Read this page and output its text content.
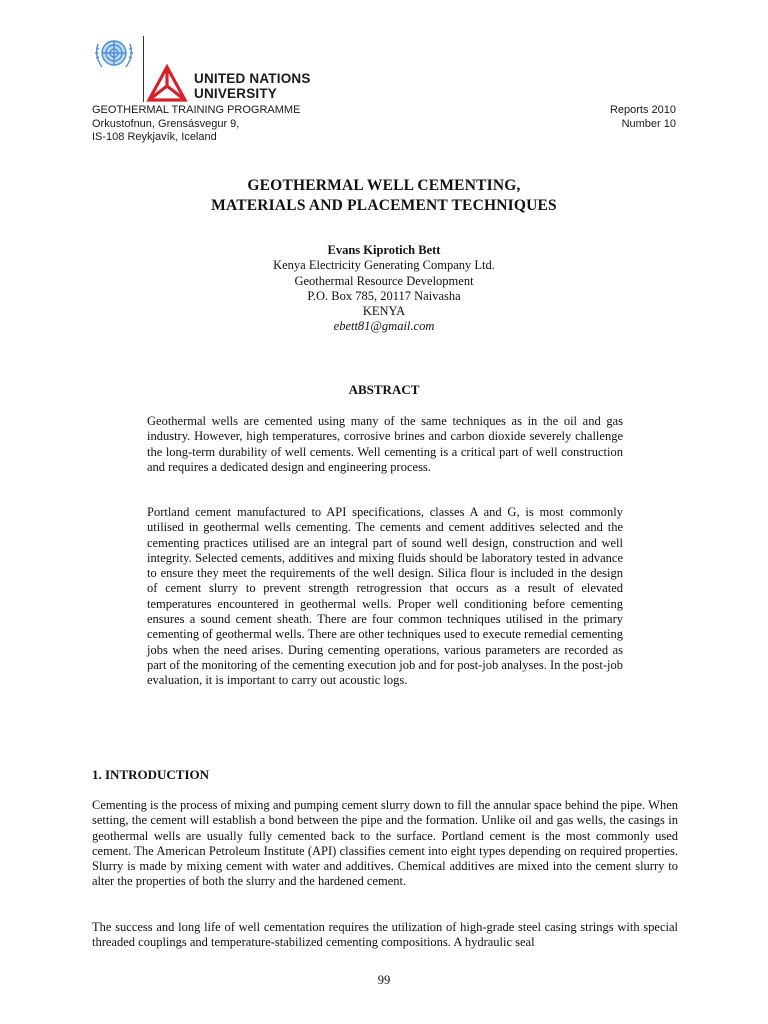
UNITED NATIONS
UNIVERSITY
GEOTHERMAL TRAINING PROGRAMME
Orkustofnun, Grensásvegur 9,
IS-108 Reykjavík, Iceland
Reports 2010
Number 10
GEOTHERMAL WELL CEMENTING,
MATERIALS AND PLACEMENT TECHNIQUES
Evans Kiprotich Bett
Kenya Electricity Generating Company Ltd.
Geothermal Resource Development
P.O. Box 785, 20117 Naivasha
KENYA
ebett81@gmail.com
ABSTRACT

Geothermal wells are cemented using many of the same techniques as in the oil and gas industry. However, high temperatures, corrosive brines and carbon dioxide severely challenge the long-term durability of well cements. Well cementing is a critical part of well construction and requires a dedicated design and engineering process.

Portland cement manufactured to API specifications, classes A and G, is most commonly utilised in geothermal wells cementing. The cements and cement additives selected and the cementing practices utilised are an integral part of sound well design, construction and well integrity. Selected cements, additives and mixing fluids should be laboratory tested in advance to ensure they meet the requirements of the well design. Silica flour is included in the design of cement slurry to prevent strength retrogression that occurs as a result of elevated temperatures encountered in geothermal wells. Proper well conditioning before cementing ensures a sound cement sheath. There are four common techniques utilised in the primary cementing of geothermal wells. There are other techniques used to execute remedial cementing jobs when the need arises. During cementing operations, various parameters are recorded as part of the monitoring of the cementing execution job and for post-job analyses. In the post-job evaluation, it is important to carry out acoustic logs.

1. INTRODUCTION

Cementing is the process of mixing and pumping cement slurry down to fill the annular space behind the pipe. When setting, the cement will establish a bond between the pipe and the formation. Unlike oil and gas wells, the casings in geothermal wells are usually fully cemented back to the surface. Portland cement is the most commonly used cement. The American Petroleum Institute (API) classifies cement into eight types depending on required properties. Slurry is made by mixing cement with water and additives. Chemical additives are mixed into the cement slurry to alter the properties of both the slurry and the hardened cement.

The success and long life of well cementation requires the utilization of high-grade steel casing strings with special threaded couplings and temperature-stabilized cementing compositions. A hydraulic seal

99
